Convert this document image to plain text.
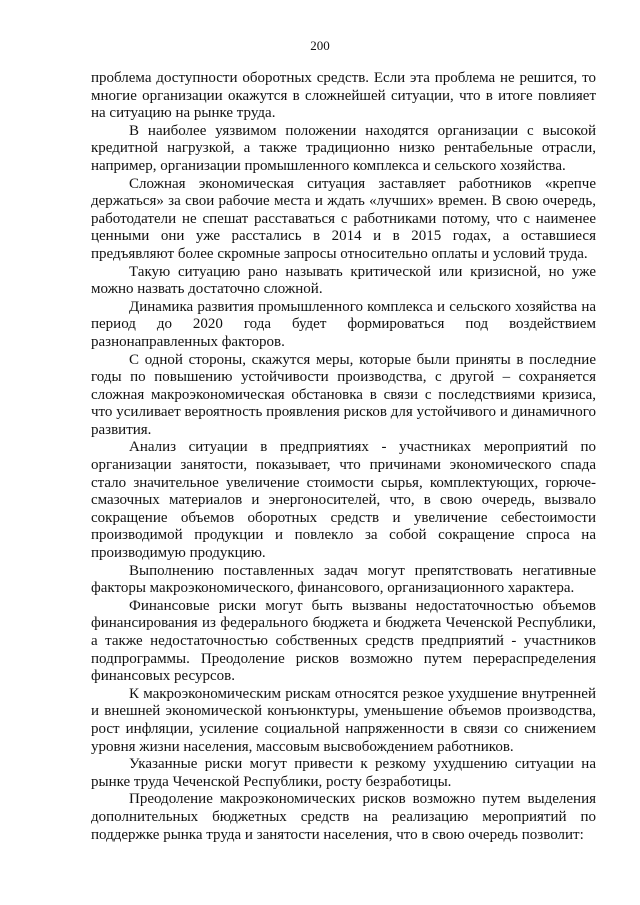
200

проблема доступности оборотных средств. Если эта проблема не решится, то многие организации окажутся в сложнейшей ситуации, что в итоге повлияет на ситуацию на рынке труда.

В наиболее уязвимом положении находятся организации с высокой кредитной нагрузкой, а также традиционно низко рентабельные отрасли, например, организации промышленного комплекса и сельского хозяйства.

Сложная экономическая ситуация заставляет работников «крепче держаться» за свои рабочие места и ждать «лучших» времен. В свою очередь, работодатели не спешат расставаться с работниками потому, что с наименее ценными они уже расстались в 2014 и в 2015 годах, а оставшиеся предъявляют более скромные запросы относительно оплаты и условий труда.

Такую ситуацию рано называть критической или кризисной, но уже можно назвать достаточно сложной.

Динамика развития промышленного комплекса и сельского хозяйства на период до 2020 года будет формироваться под воздействием разнонаправленных факторов.

С одной стороны, скажутся меры, которые были приняты в последние годы по повышению устойчивости производства, с другой – сохраняется сложная макроэкономическая обстановка в связи с последствиями кризиса, что усиливает вероятность проявления рисков для устойчивого и динамичного развития.

Анализ ситуации в предприятиях - участниках мероприятий по организации занятости, показывает, что причинами экономического спада стало значительное увеличение стоимости сырья, комплектующих, горюче-смазочных материалов и энергоносителей, что, в свою очередь, вызвало сокращение объемов оборотных средств и увеличение себестоимости производимой продукции и повлекло за собой сокращение спроса на производимую продукцию.

Выполнению поставленных задач могут препятствовать негативные факторы макроэкономического, финансового, организационного характера.

Финансовые риски могут быть вызваны недостаточностью объемов финансирования из федерального бюджета и бюджета Чеченской Республики, а также недостаточностью собственных средств предприятий - участников подпрограммы. Преодоление рисков возможно путем перераспределения финансовых ресурсов.

К макроэкономическим рискам относятся резкое ухудшение внутренней и внешней экономической конъюнктуры, уменьшение объемов производства, рост инфляции, усиление социальной напряженности в связи со снижением уровня жизни населения, массовым высвобождением работников.

Указанные риски могут привести к резкому ухудшению ситуации на рынке труда Чеченской Республики, росту безработицы.

Преодоление макроэкономических рисков возможно путем выделения дополнительных бюджетных средств на реализацию мероприятий по поддержке рынка труда и занятости населения, что в свою очередь позволит:
